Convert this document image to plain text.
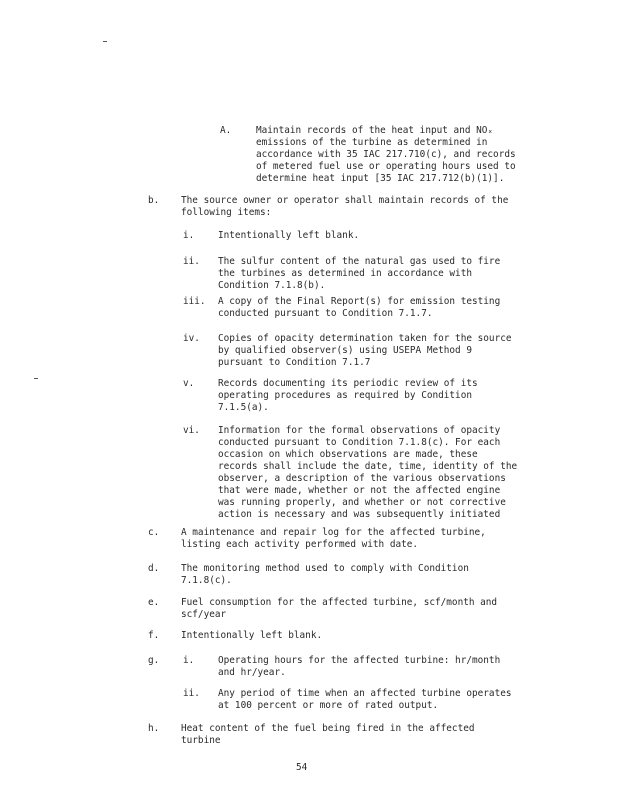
A.	Maintain records of the heat input and NOₓ
emissions of the turbine as determined in
accordance with 35 IAC 217.710(c), and records
of metered fuel use or operating hours used to
determine heat input [35 IAC 217.712(b)(1)].
b. The source owner or operator shall maintain records of the
following items:
i.	Intentionally left blank.
ii. The sulfur content of the natural gas used to fire
the turbines as determined in accordance with
Condition 7.1.8(b).
iii. A copy of the Final Report(s) for emission testing
conducted pursuant to Condition 7.1.7.
iv. Copies of opacity determination taken for the source
by qualified observer(s) using USEPA Method 9
pursuant to Condition 7.1.7
v.	Records documenting its periodic review of its
operating procedures as required by Condition
7.1.5(a).
vi. Information for the formal observations of opacity
conducted pursuant to Condition 7.1.8(c). For each
occasion on which observations are made, these
records shall include the date, time, identity of the
observer, a description of the various observations
that were made, whether or not the affected engine
was running properly, and whether or not corrective
action is necessary and was subsequently initiated
c. A maintenance and repair log for the affected turbine,
listing each activity performed with date.
d. The monitoring method used to comply with Condition
7.1.8(c).
e. Fuel consumption for the affected turbine, scf/month and
scf/year
f. Intentionally left blank.
g.	i.	Operating hours for the affected turbine: hr/month
and hr/year.
ii. Any period of time when an affected turbine operates
at 100 percent or more of rated output.
h. Heat content of the fuel being fired in the affected
turbine
54
